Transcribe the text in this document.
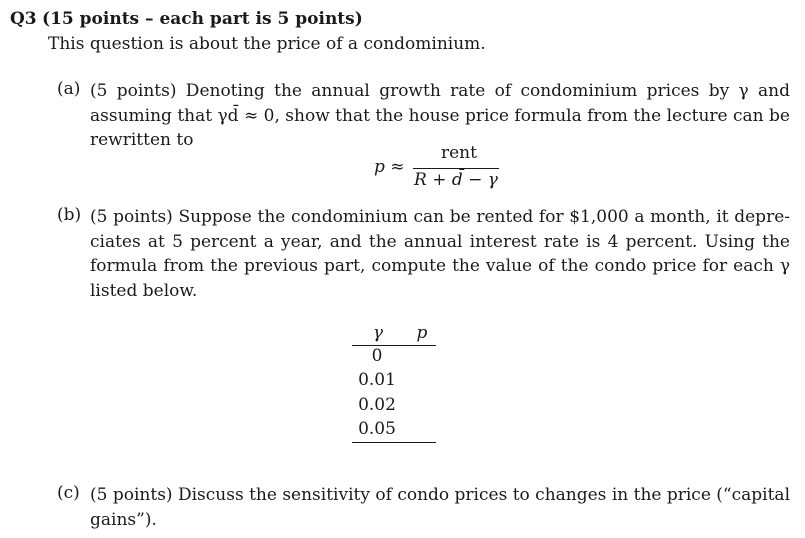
Q3 (15 points – each part is 5 points)
This question is about the price of a condominium.
(a) (5 points) Denoting the annual growth rate of condominium prices by γ and
assuming that γd̄ ≈ 0, show that the house price formula from the lecture can be
rewritten to
p ≈
rent
R + d̄ − γ
(b) (5 points) Suppose the condominium can be rented for $1,000 a month, it depre-
ciates at 5 percent a year, and the annual interest rate is 4 percent. Using the
formula from the previous part, compute the value of the condo price for each γ
listed below.
γ p
0
0.01
0.02
0.05
(c) (5 points) Discuss the sensitivity of condo prices to changes in the price (“capital
gains”).
